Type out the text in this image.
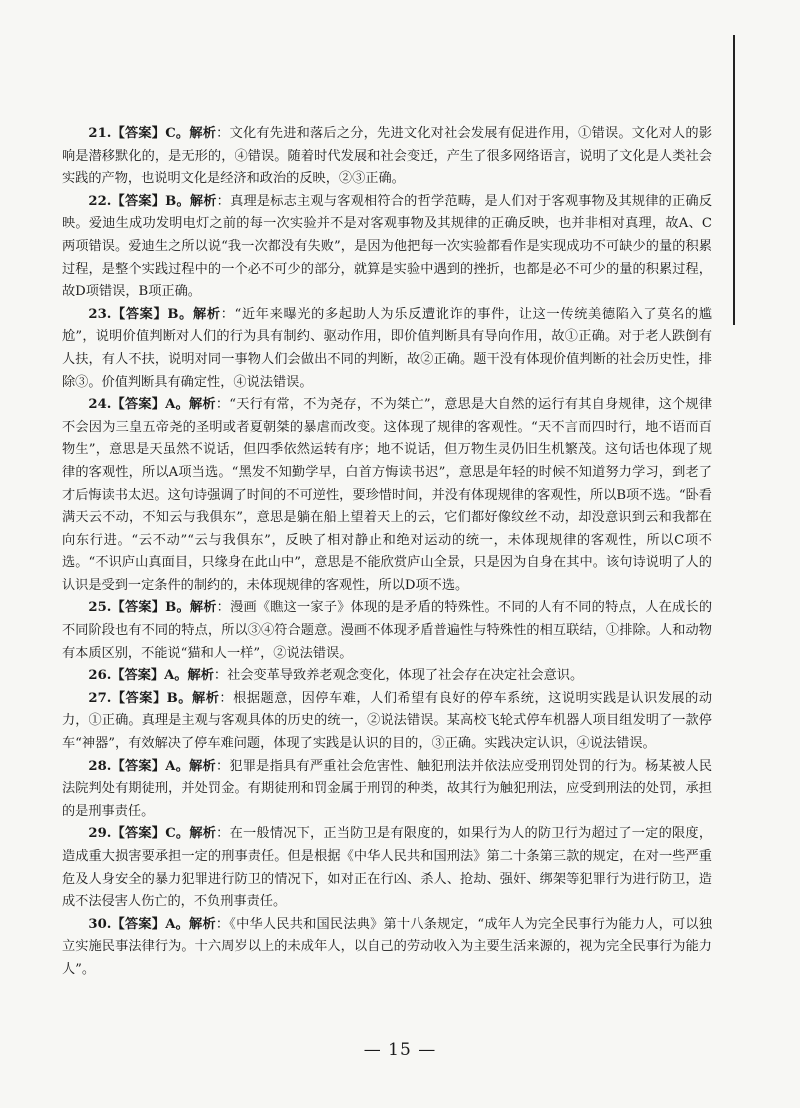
21.【答案】C。解析：文化有先进和落后之分，先进文化对社会发展有促进作用，①错误。文化对人的影响是潜移默化的，是无形的，④错误。随着时代发展和社会变迁，产生了很多网络语言，说明了文化是人类社会实践的产物，也说明文化是经济和政治的反映，②③正确。

22.【答案】B。解析：真理是标志主观与客观相符合的哲学范畴，是人们对于客观事物及其规律的正确反映。爱迪生成功发明电灯之前的每一次实验并不是对客观事物及其规律的正确反映，也并非相对真理，故A、C两项错误。爱迪生之所以说“我一次都没有失败”，是因为他把每一次实验都看作是实现成功不可缺少的量的积累过程，是整个实践过程中的一个必不可少的部分，就算是实验中遇到的挫折，也都是必不可少的量的积累过程，故D项错误，B项正确。

23.【答案】B。解析：“近年来曝光的多起助人为乐反遭讹诈的事件，让这一传统美德陷入了莫名的尴尬”，说明价值判断对人们的行为具有制约、驱动作用，即价值判断具有导向作用，故①正确。对于老人跌倒有人扶，有人不扶，说明对同一事物人们会做出不同的判断，故②正确。题干没有体现价值判断的社会历史性，排除③。价值判断具有确定性，④说法错误。

24.【答案】A。解析：“天行有常，不为尧存，不为桀亡”，意思是大自然的运行有其自身规律，这个规律不会因为三皇五帝尧的圣明或者夏朝桀的暴虐而改变。这体现了规律的客观性。“天不言而四时行，地不语而百物生”，意思是天虽然不说话，但四季依然运转有序；地不说话，但万物生灵仍旧生机繁茂。这句话也体现了规律的客观性，所以A项当选。“黑发不知勤学早，白首方悔读书迟”，意思是年轻的时候不知道努力学习，到老了才后悔读书太迟。这句诗强调了时间的不可逆性，要珍惜时间，并没有体现规律的客观性，所以B项不选。“卧看满天云不动，不知云与我俱东”，意思是躺在船上望着天上的云，它们都好像纹丝不动，却没意识到云和我都在向东行进。“云不动”“云与我俱东”，反映了相对静止和绝对运动的统一，未体现规律的客观性，所以C项不选。“不识庐山真面目，只缘身在此山中”，意思是不能欣赏庐山全景，只是因为自身在其中。该句诗说明了人的认识是受到一定条件的制约的，未体现规律的客观性，所以D项不选。

25.【答案】B。解析：漫画《瞧这一家子》体现的是矛盾的特殊性。不同的人有不同的特点，人在成长的不同阶段也有不同的特点，所以③④符合题意。漫画不体现矛盾普遍性与特殊性的相互联结，①排除。人和动物有本质区别，不能说“猫和人一样”，②说法错误。

26.【答案】A。解析：社会变革导致养老观念变化，体现了社会存在决定社会意识。

27.【答案】B。解析：根据题意，因停车难，人们希望有良好的停车系统，这说明实践是认识发展的动力，①正确。真理是主观与客观具体的历史的统一，②说法错误。某高校飞轮式停车机器人项目组发明了一款停车“神器”，有效解决了停车难问题，体现了实践是认识的目的，③正确。实践决定认识，④说法错误。

28.【答案】A。解析：犯罪是指具有严重社会危害性、触犯刑法并依法应受刑罚处罚的行为。杨某被人民法院判处有期徒刑，并处罚金。有期徒刑和罚金属于刑罚的种类，故其行为触犯刑法，应受到刑法的处罚，承担的是刑事责任。

29.【答案】C。解析：在一般情况下，正当防卫是有限度的，如果行为人的防卫行为超过了一定的限度，造成重大损害要承担一定的刑事责任。但是根据《中华人民共和国刑法》第二十条第三款的规定，在对一些严重危及人身安全的暴力犯罪进行防卫的情况下，如对正在行凶、杀人、抢劫、强奸、绑架等犯罪行为进行防卫，造成不法侵害人伤亡的，不负刑事责任。

30.【答案】A。解析：《中华人民共和国民法典》第十八条规定，“成年人为完全民事行为能力人，可以独立实施民事法律行为。十六周岁以上的未成年人，以自己的劳动收入为主要生活来源的，视为完全民事行为能力人”。

— 15 —
